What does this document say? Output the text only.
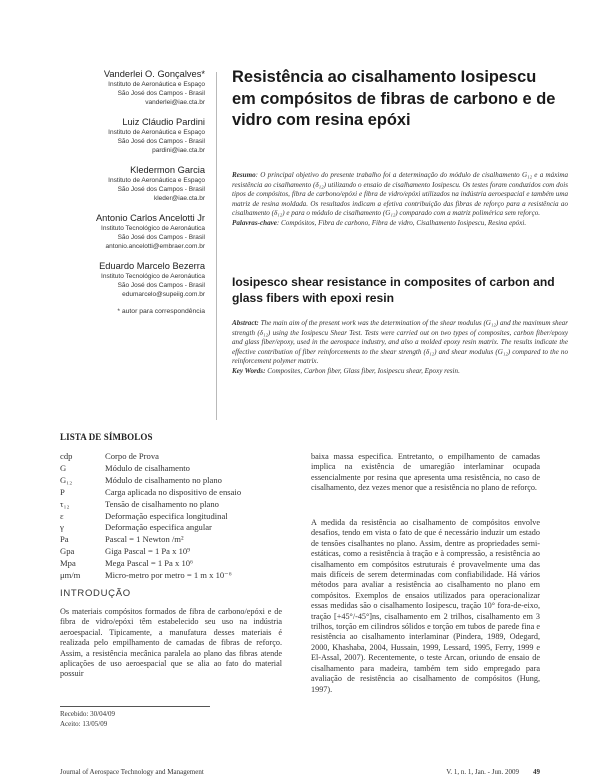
Vanderlei O. Gonçalves*
Instituto de Aeronáutica e Espaço
São José dos Campos - Brasil
vanderlei@iae.cta.br
Luiz Cláudio Pardini
Instituto de Aeronáutica e Espaço
São José dos Campos - Brasil
pardini@iae.cta.br
Kledermon Garcia
Instituto de Aeronáutica e Espaço
São José dos Campos - Brasil
kleder@iae.cta.br
Antonio Carlos Ancelotti Jr
Instituto Tecnológico de Aeronáutica
São José dos Campos - Brasil
antonio.ancelotti@embraer.com.br
Eduardo Marcelo Bezerra
Instituto Tecnológico de Aeronáutica
São José dos Campos - Brasil
edumarcelo@supeiig.com.br
* autor para correspondência
Resistência ao cisalhamento Iosipescu em compósitos de fibras de carbono e de vidro com resina epóxi
Resumo: O principal objetivo do presente trabalho foi a determinação do módulo de cisalhamento G₁₂ e a máxima resistência ao cisalhamento (δ₁₂) utilizando o ensaio de cisalhamento Iosipescu. Os testes foram conduzidos com dois tipos de compósitos, fibra de carbono/epóxi e fibra de vidro/epóxi utilizados na indústria aeroespacial e também uma matriz de resina moldada. Os resultados indicam a efetiva contribuição das fibras de reforço para a resistência ao cisalhamento (δ₁₂) e para o módulo de cisalhamento (G₁₂) comparado com a matriz polimérica sem reforço.
Palavras-chave: Compósitos, Fibra de carbono, Fibra de vidro, Cisalhamento Iosipescu, Resina epóxi.
Iosipesco shear resistance in composites of carbon and glass fibers with epoxi resin
Abstract: The main aim of the present work was the determination of the shear modulus (G₁₂) and the maximum shear strength (δ₁₂) using the Iosipescu Shear Test. Tests were carried out on two types of composites, carbon fiber/epoxy and glass fiber/epoxy, used in the aerospace industry, and also a molded epoxy resin matrix. The results indicate the effective contribution of fiber reinforcements to the shear strength (δ₁₂) and shear modulus (G₁₂) compared to the no reinforcement polymer matrix.
Key Words: Composites, Carbon fiber, Glass fiber, Iosipescu shear, Epoxy resin.
LISTA DE SÍMBOLOS
cdp	Corpo de Prova
G	Módulo de cisalhamento
G₁₂	Módulo de cisalhamento no plano
P	Carga aplicada no dispositivo de ensaio
τ₁₂	Tensão de cisalhamento no plano
ε	Deformação especifica longitudinal
γ	Deformação especifica angular
Pa	Pascal = 1 Newton /m²
Gpa	Giga Pascal = 1 Pa x 10⁹
Mpa	Mega Pascal = 1 Pa x 10⁶
μm/m	Micro-metro por metro = 1 m x 10⁻⁶
INTRODUÇÃO
Os materiais compósitos formados de fibra de carbono/epóxi e de fibra de vidro/epóxi têm estabelecido seu uso na indústria aeroespacial. Tipicamente, a manufatura desses materiais é realizada pelo empilhamento de camadas de fibras de reforço. Assim, a resistência mecânica paralela ao plano das fibras atende aplicações de uso aeroespacial que se alia ao fato do material possuir
Recebido: 30/04/09
Aceito: 13/05/09
baixa massa especifica. Entretanto, o empilhamento de camadas implica na existência de umaregião interlaminar ocupada essencialmente por resina que apresenta uma resistência, no caso de cisalhamento, dez vezes menor que a resistência no plano de reforço.
A medida da resistência ao cisalhamento de compósitos envolve desafios, tendo em vista o fato de que é necessário induzir um estado de tensões cisalhantes no plano. Assim, dentre as propriedades semi-estáticas, como a resistência à tração e à compressão, a resistência ao cisalhamento em compósitos estruturais é provavelmente uma das mais difíceis de serem determinadas com confiabilidade. Há vários métodos para avaliar a resistência ao cisalhamento no plano em compósitos. Exemplos de ensaios utilizados para operacionalizar essas medidas são o cisalhamento Iosipescu, tração 10° fora-de-eixo, tração [+45°/-45°]ns, cisalhamento em 2 trilhos, cisalhamento em 3 trilhos, torção em cilindros sólidos e torção em tubos de parede fina e resistência ao cisalhamento interlaminar (Pindera, 1989, Odegard, 2000, Khashaba, 2004, Hussain, 1999, Lessard, 1995, Ferry, 1999 e El-Assal, 2007). Recentemente, o teste Arcan, oriundo de ensaio de cisalhamento para madeira, também tem sido empregado para avaliação de resistência ao cisalhamento de compósitos (Hung, 1997).
Journal of Aerospace Technology and Management	V. 1, n. 1, Jan. - Jun. 2009 49
